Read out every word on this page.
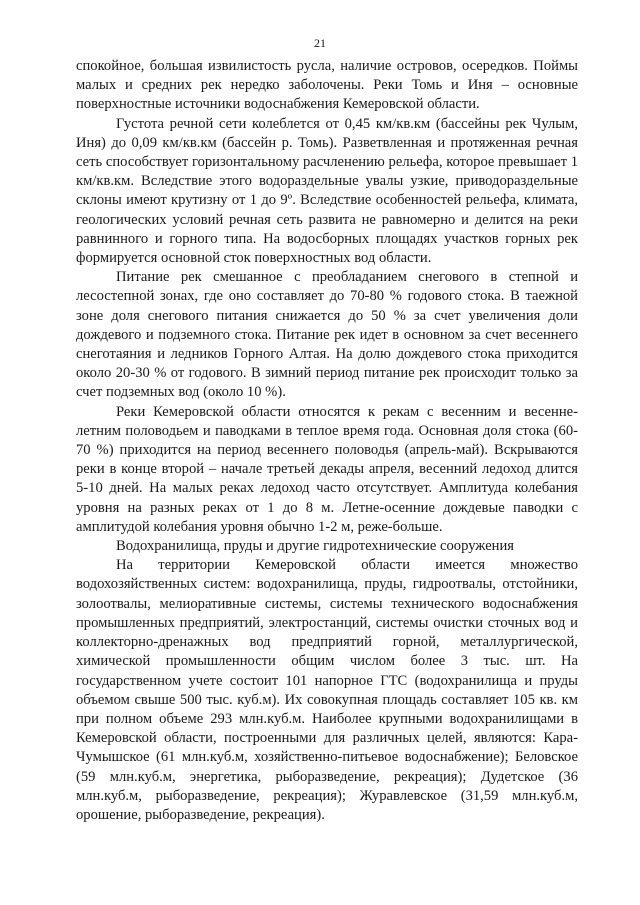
21

спокойное, большая извилистость русла, наличие островов, осередков. Поймы малых и средних рек нередко заболочены. Реки Томь и Иня – основные поверхностные источники водоснабжения Кемеровской области.

Густота речной сети колеблется от 0,45 км/кв.км (бассейны рек Чулым, Иня) до 0,09 км/кв.км (бассейн р. Томь). Разветвленная и протяженная речная сеть способствует горизонтальному расчленению рельефа, которое превышает 1 км/кв.км. Вследствие этого водораздельные увалы узкие, приводораздельные склоны имеют крутизну от 1 до 9º. Вследствие особенностей рельефа, климата, геологических условий речная сеть развита не равномерно и делится на реки равнинного и горного типа. На водосборных площадях участков горных рек формируется основной сток поверхностных вод области.

Питание рек смешанное с преобладанием снегового в степной и лесостепной зонах, где оно составляет до 70-80 % годового стока. В таежной зоне доля снегового питания снижается до 50 % за счет увеличения доли дождевого и подземного стока. Питание рек идет в основном за счет весеннего снеготаяния и ледников Горного Алтая. На долю дождевого стока приходится около 20-30 % от годового. В зимний период питание рек происходит только за счет подземных вод (около 10 %).

Реки Кемеровской области относятся к рекам с весенним и весенне-летним половодьем и паводками в теплое время года. Основная доля стока (60-70 %) приходится на период весеннего половодья (апрель-май). Вскрываются реки в конце второй – начале третьей декады апреля, весенний ледоход длится 5-10 дней. На малых реках ледоход часто отсутствует. Амплитуда колебания уровня на разных реках от 1 до 8 м. Летне-осенние дождевые паводки с амплитудой колебания уровня обычно 1-2 м, реже-больше.

Водохранилища, пруды и другие гидротехнические сооружения

На территории Кемеровской области имеется множество водохозяйственных систем: водохранилища, пруды, гидроотвалы, отстойники, золоотвалы, мелиоративные системы, системы технического водоснабжения промышленных предприятий, электростанций, системы очистки сточных вод и коллекторно-дренажных вод предприятий горной, металлургической, химической промышленности общим числом более 3 тыс. шт. На государственном учете состоит 101 напорное ГТС (водохранилища и пруды объемом свыше 500 тыс. куб.м). Их совокупная площадь составляет 105 кв. км при полном объеме 293 млн.куб.м. Наиболее крупными водохранилищами в Кемеровской области, построенными для различных целей, являются: Кара-Чумышское (61 млн.куб.м, хозяйственно-питьевое водоснабжение); Беловское (59 млн.куб.м, энергетика, рыборазведение, рекреация); Дудетское (36 млн.куб.м, рыборазведение, рекреация); Журавлевское (31,59 млн.куб.м, орошение, рыборазведение, рекреация).
